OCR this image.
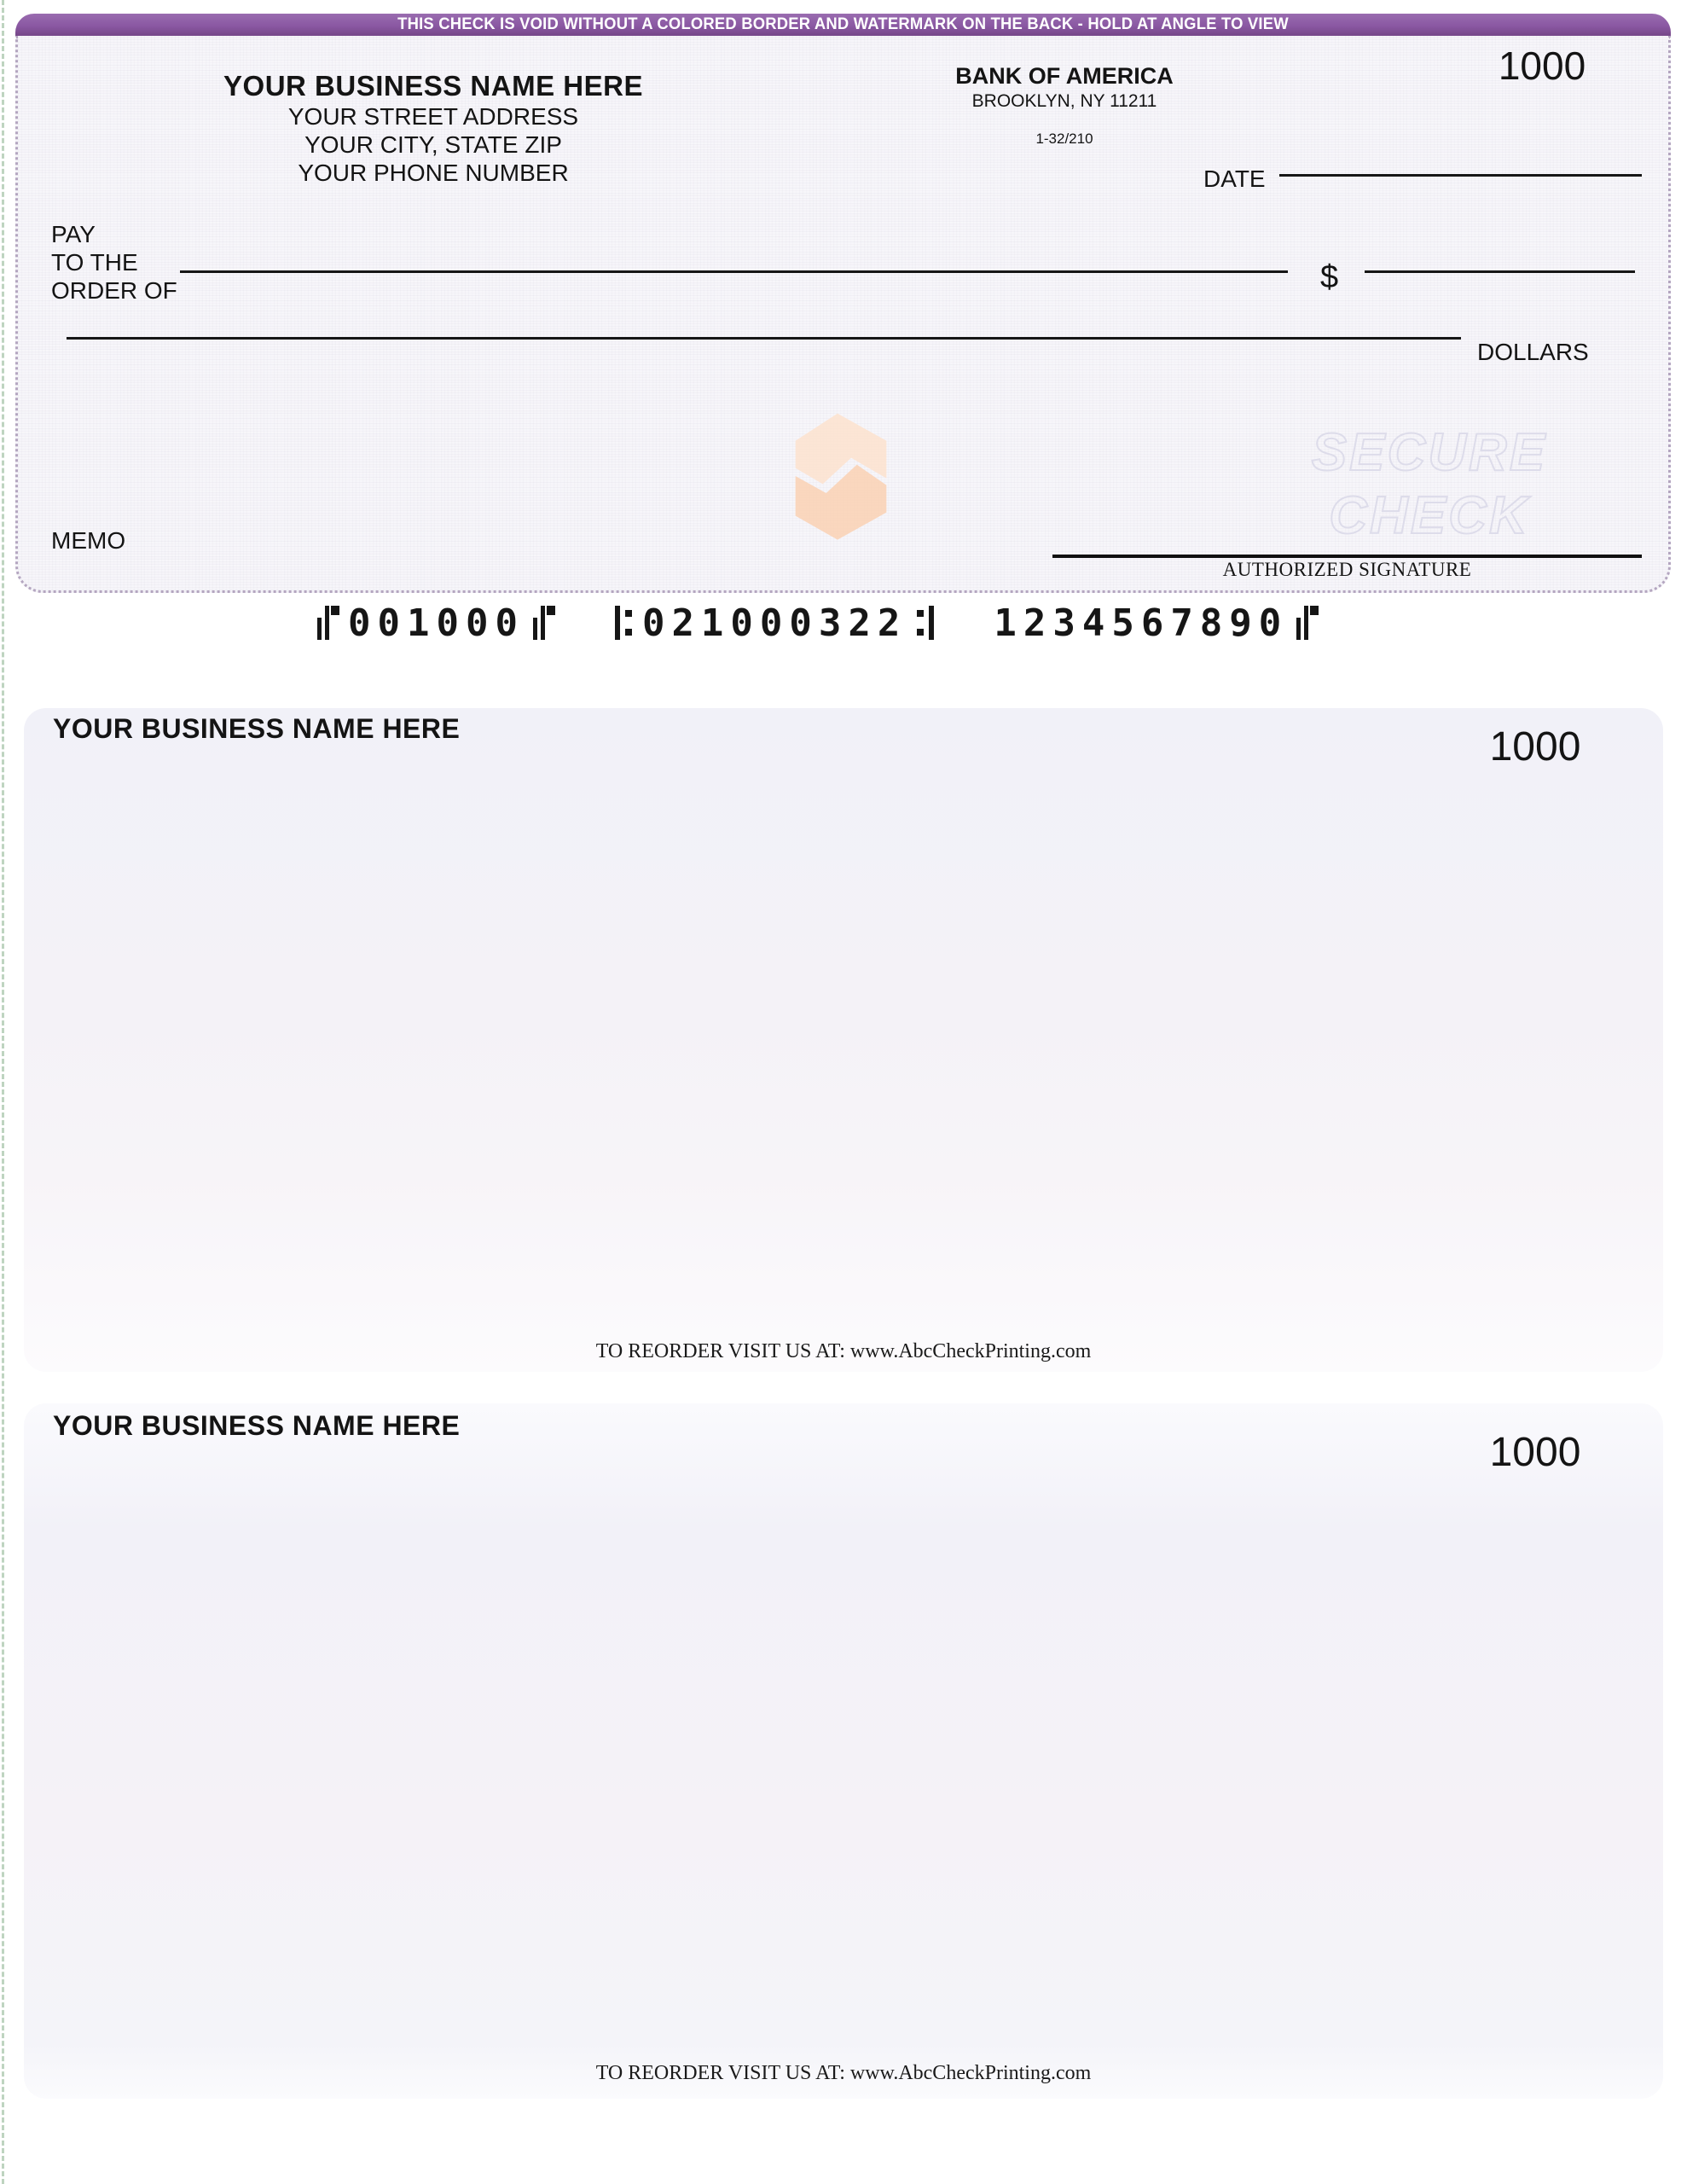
THIS CHECK IS VOID WITHOUT A COLORED BORDER AND WATERMARK ON THE BACK - HOLD AT ANGLE TO VIEW
YOUR BUSINESS NAME HERE
YOUR STREET ADDRESS
YOUR CITY, STATE ZIP
YOUR PHONE NUMBER
BANK OF AMERICA
BROOKLYN, NY 11211
1-32/210
1000
DATE
PAY
TO THE
ORDER OF	$
DOLLARS
SECURE
CHECK
MEMO
AUTHORIZED SIGNATURE
001000	021000322 1234567890
YOUR BUSINESS NAME HERE	1000
TO REORDER VISIT US AT: www.AbcCheckPrinting.com
YOUR BUSINESS NAME HERE
1000
TO REORDER VISIT US AT: www.AbcCheckPrinting.com
